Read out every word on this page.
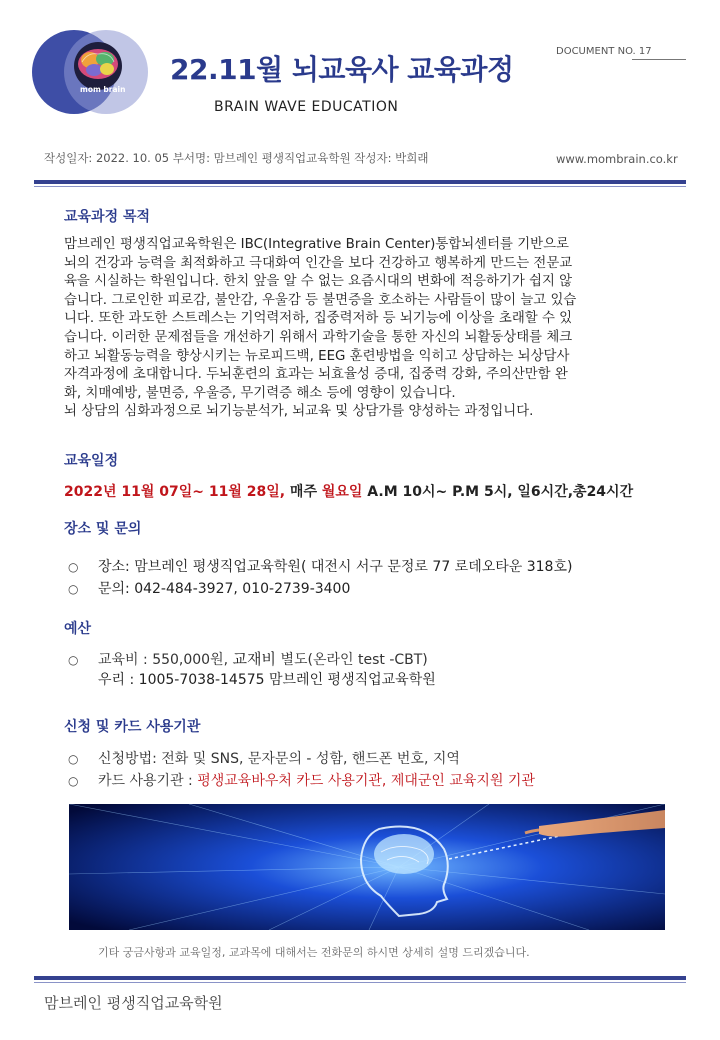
mom brain
22.11월 뇌교육사 교육과정
BRAIN WAVE EDUCATION
DOCUMENT NO. 17
작성일자: 2022. 10. 05 부서명: 맘브레인 평생직업교육학원 작성자: 박희래	www.mombrain.co.kr
교육과정 목적

맘브레인 평생직업교육학원은 IBC(Integrative Brain Center)통합뇌센터를 기반으로

뇌의 건강과 능력을 최적화하고 극대화여 인간을 보다 건강하고 행복하게 만드는 전문교

육을 시실하는 학원입니다. 한치 앞을 알 수 없는 요즘시대의 변화에 적응하기가 쉽지 않

습니다. 그로인한 피로감, 불안감, 우울감 등 불면증을 호소하는 사람들이 많이 늘고 있습

니다. 또한 과도한 스트레스는 기억력저하, 집중력저하 등 뇌기능에 이상을 초래할 수 있

습니다. 이러한 문제점들을 개선하기 위해서 과학기술을 통한 자신의 뇌활동상태를 체크

하고 뇌활동능력을 향상시키는 뉴로피드백, EEG 훈련방법을 익히고 상담하는 뇌상담사

자격과정에 초대합니다. 두뇌훈련의 효과는 뇌효율성 증대, 집중력 강화, 주의산만함 완

화, 치매예방, 불면증, 우울증, 무기력증 해소 등에 영향이 있습니다.

뇌 상담의 심화과정으로 뇌기능분석가, 뇌교육 및 상담가를 양성하는 과정입니다.

교육일정
2022년 11월 07일~ 11월 28일, 매주 월요일 A.M 10시~ P.M 5시, 일6시간,총24시간
장소 및 문의
○ 장소: 맘브레인 평생직업교육학원( 대전시 서구 문정로 77 로데오타운 318호)
○ 문의: 042-484-3927, 010-2739-3400
예산
○ 교육비 : 550,000원, 교재비 별도(온라인 test -CBT)
우리 : 1005-7038-14575 맘브레인 평생직업교육학원
신청 및 카드 사용기관
○ 신청방법: 전화 및 SNS, 문자문의 - 성함, 핸드폰 번호, 지역
○ 카드 사용기관 : 평생교육바우처 카드 사용기관, 제대군인 교육지원 기관
기타 궁금사항과 교육일정, 교과목에 대해서는 전화문의 하시면 상세히 설명 드리겠습니다.
맘브레인 평생직업교육학원
